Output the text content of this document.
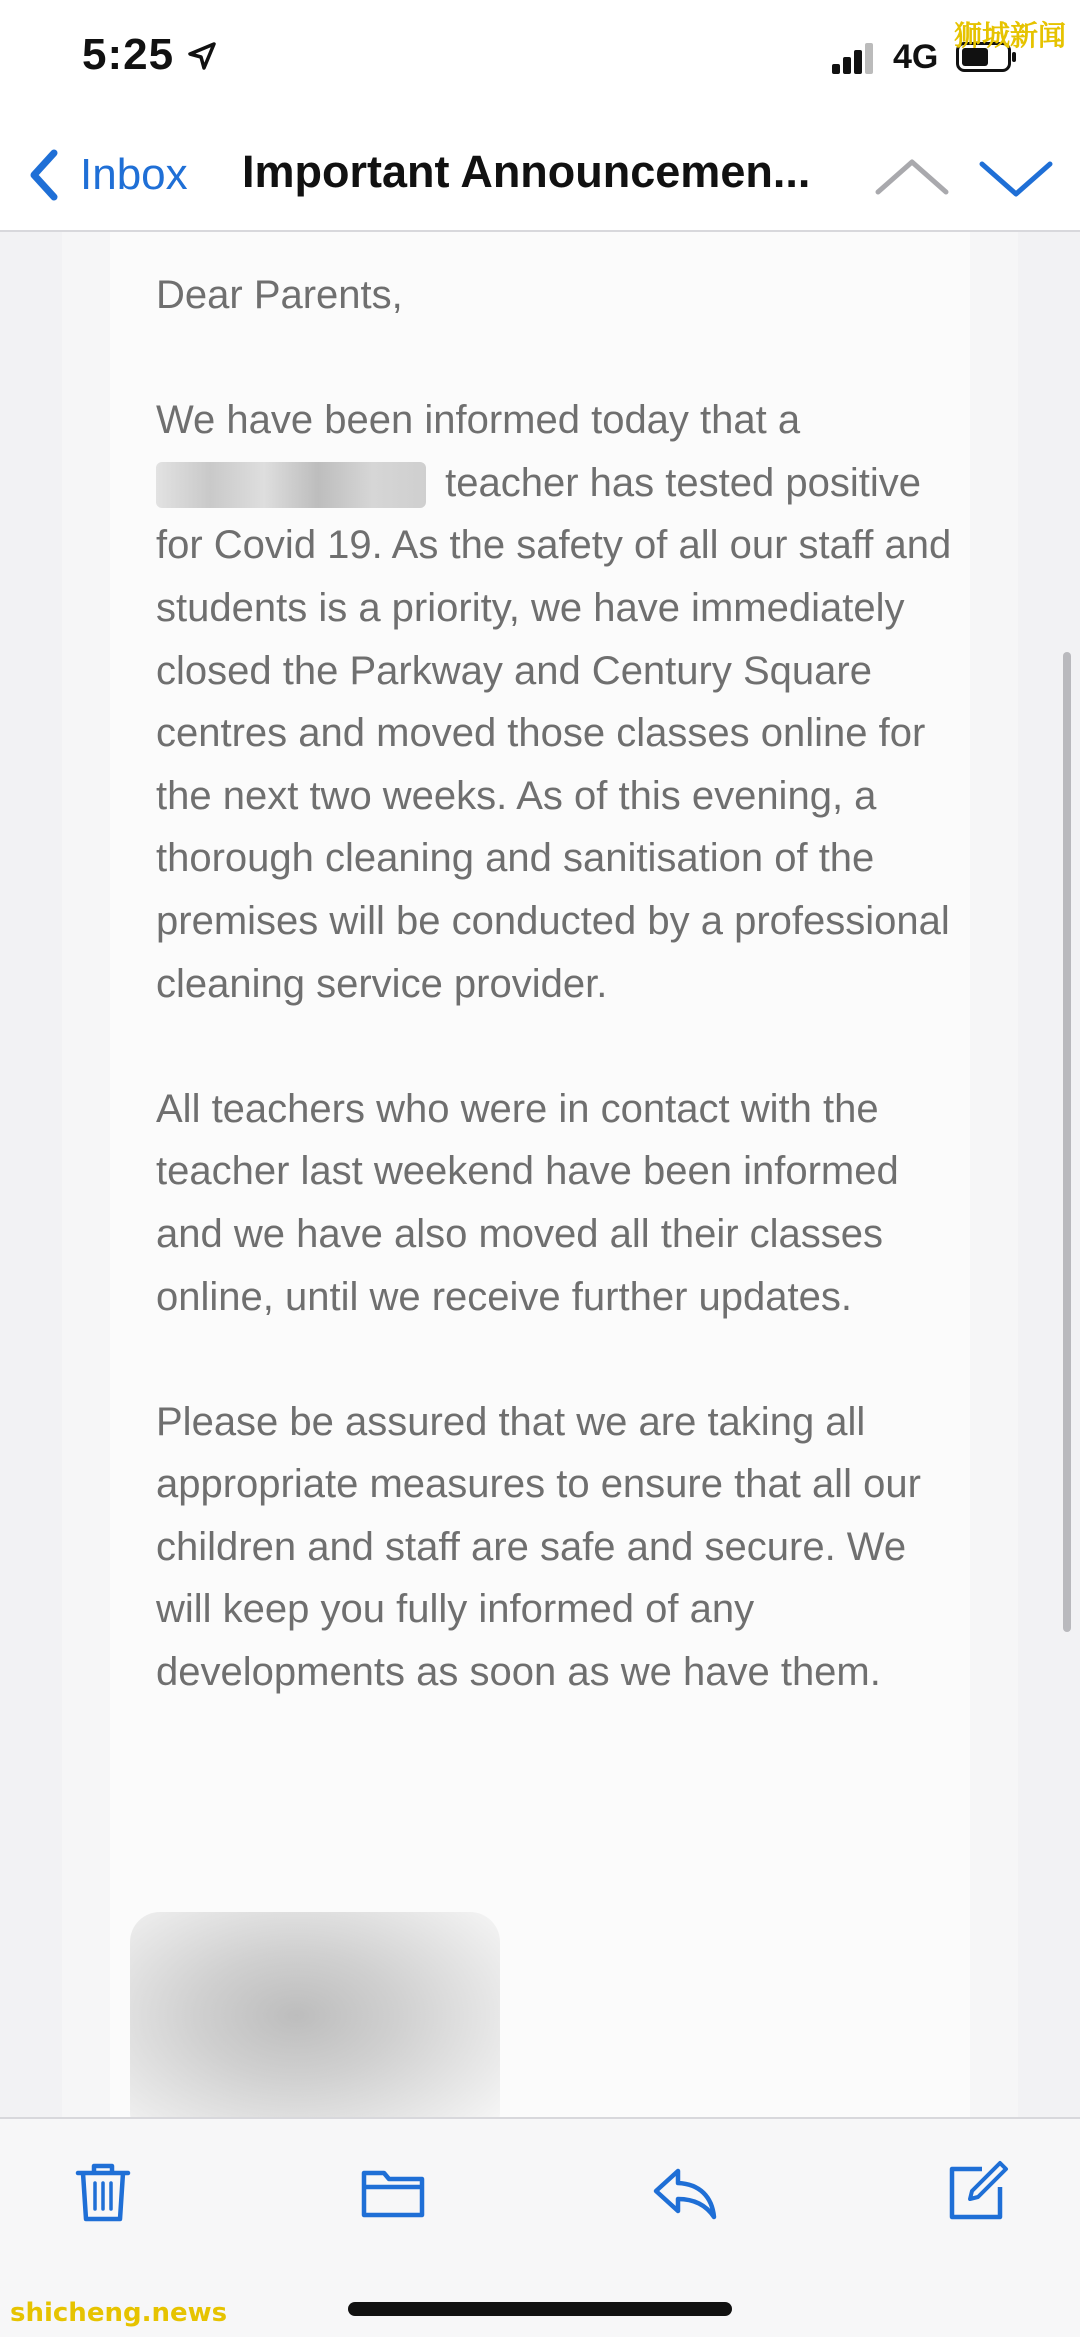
5:25	4G
狮城新闻
Inbox Important Announcemen...

Dear Parents,

We have been informed today that a
teacher has tested positive for Covid 19. As the safety of all our staff and students is a priority, we have immediately closed the Parkway and Century Square centres and moved those classes online for the next two weeks. As of this evening, a thorough cleaning and sanitisation of the premises will be conducted by a professional cleaning service provider.

All teachers who were in contact with the teacher last weekend have been informed and we have also moved all their classes online, until we receive further updates.

Please be assured that we are taking all appropriate measures to ensure that all our children and staff are safe and secure. We will keep you fully informed of any developments as soon as we have them.

shicheng.news
